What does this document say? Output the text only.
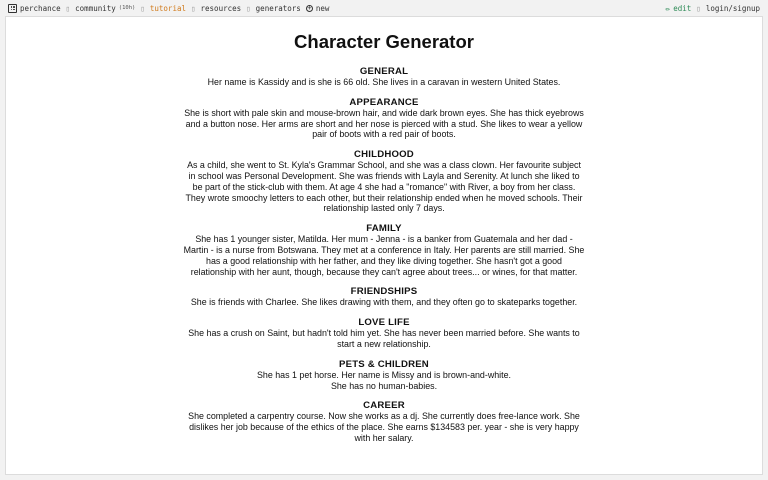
perchance ▯ community (10h) ▯ tutorial ▯ resources ▯ generators + new	✏ edit ▯ login/signup
Character Generator
GENERAL

Her name is Kassidy and is she is 66 old. She lives in a caravan in western United States.

APPEARANCE

She is short with pale skin and mouse-brown hair, and wide dark brown eyes. She has thick eyebrows and a button nose. Her arms are short and her nose is pierced with a stud. She likes to wear a yellow pair of boots with a red pair of boots.

CHILDHOOD

As a child, she went to St. Kyla's Grammar School, and she was a class clown. Her favourite subject in school was Personal Development. She was friends with Layla and Serenity. At lunch she liked to be part of the stick-club with them. At age 4 she had a "romance" with River, a boy from her class. They wrote smoochy letters to each other, but their relationship ended when he moved schools. Their relationship lasted only 7 days.

FAMILY

She has 1 younger sister, Matilda. Her mum - Jenna - is a banker from Guatemala and her dad - Martin - is a nurse from Botswana. They met at a conference in Italy. Her parents are still married. She has a good relationship with her father, and they like diving together. She hasn't got a good relationship with her aunt, though, because they can't agree about trees... or wines, for that matter.

FRIENDSHIPS

She is friends with Charlee. She likes drawing with them, and they often go to skateparks together.

LOVE LIFE

She has a crush on Saint, but hadn't told him yet. She has never been married before. She wants to start a new relationship.

PETS & CHILDREN

She has 1 pet horse. Her name is Missy and is brown-and-white.
She has no human-babies.

CAREER

She completed a carpentry course. Now she works as a dj. She currently does free-lance work. She dislikes her job because of the ethics of the place. She earns $134583 per. year - she is very happy with her salary.
